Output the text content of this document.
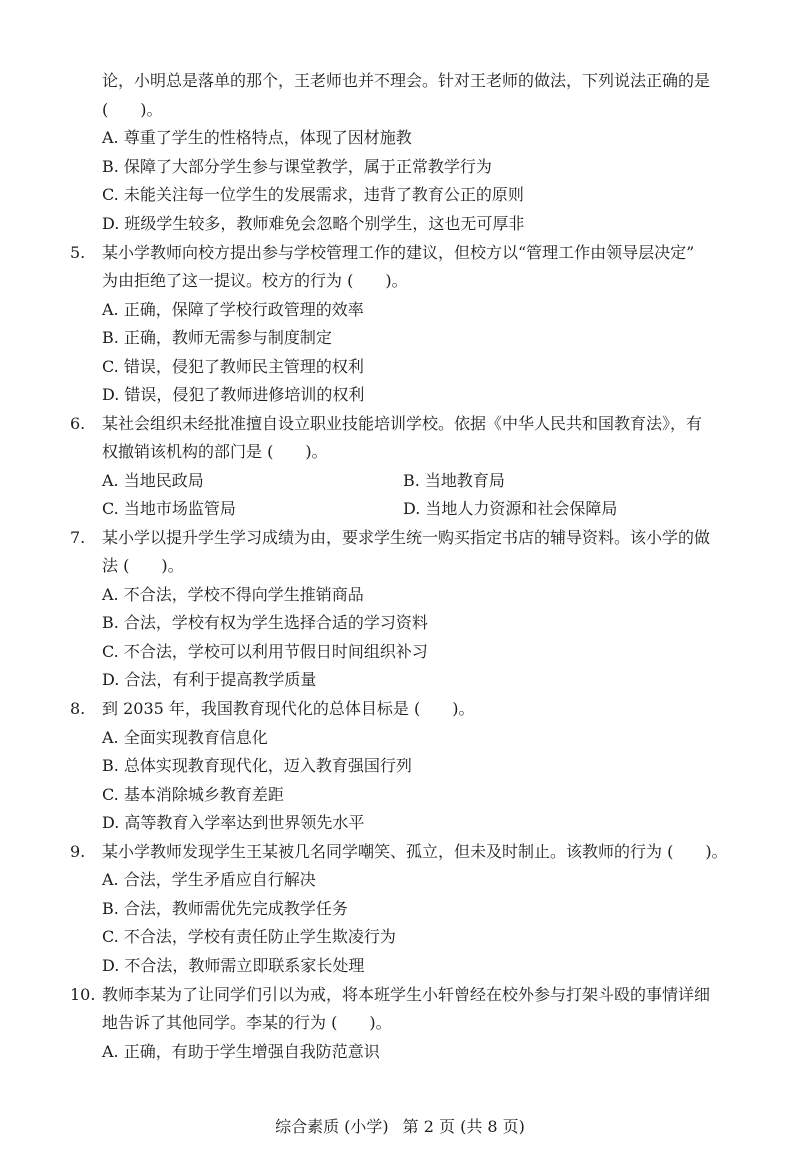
论，小明总是落单的那个，王老师也并不理会。针对王老师的做法，下列说法正确的是
(　　)。
A. 尊重了学生的性格特点，体现了因材施教
B. 保障了大部分学生参与课堂教学，属于正常教学行为
C. 未能关注每一位学生的发展需求，违背了教育公正的原则
D. 班级学生较多，教师难免会忽略个别学生，这也无可厚非
5. 某小学教师向校方提出参与学校管理工作的建议，但校方以“管理工作由领导层决定”
为由拒绝了这一提议。校方的行为 (　　)。
A. 正确，保障了学校行政管理的效率
B. 正确，教师无需参与制度制定
C. 错误，侵犯了教师民主管理的权利
D. 错误，侵犯了教师进修培训的权利
6. 某社会组织未经批准擅自设立职业技能培训学校。依据《中华人民共和国教育法》，有
权撤销该机构的部门是 (　　)。
A. 当地民政局	B. 当地教育局
C. 当地市场监管局	D. 当地人力资源和社会保障局
7. 某小学以提升学生学习成绩为由，要求学生统一购买指定书店的辅导资料。该小学的做
法 (　　)。
A. 不合法，学校不得向学生推销商品
B. 合法，学校有权为学生选择合适的学习资料
C. 不合法，学校可以利用节假日时间组织补习
D. 合法，有利于提高教学质量
8. 到 2035 年，我国教育现代化的总体目标是 (　　)。
A. 全面实现教育信息化
B. 总体实现教育现代化，迈入教育强国行列
C. 基本消除城乡教育差距
D. 高等教育入学率达到世界领先水平
9. 某小学教师发现学生王某被几名同学嘲笑、孤立，但未及时制止。该教师的行为 (　　)。
A. 合法，学生矛盾应自行解决
B. 合法，教师需优先完成教学任务
C. 不合法，学校有责任防止学生欺凌行为
D. 不合法，教师需立即联系家长处理
10. 教师李某为了让同学们引以为戒，将本班学生小轩曾经在校外参与打架斗殴的事情详细
地告诉了其他同学。李某的行为 (　　)。
A. 正确，有助于学生增强自我防范意识
综合素质 (小学) 第 2 页 (共 8 页)
